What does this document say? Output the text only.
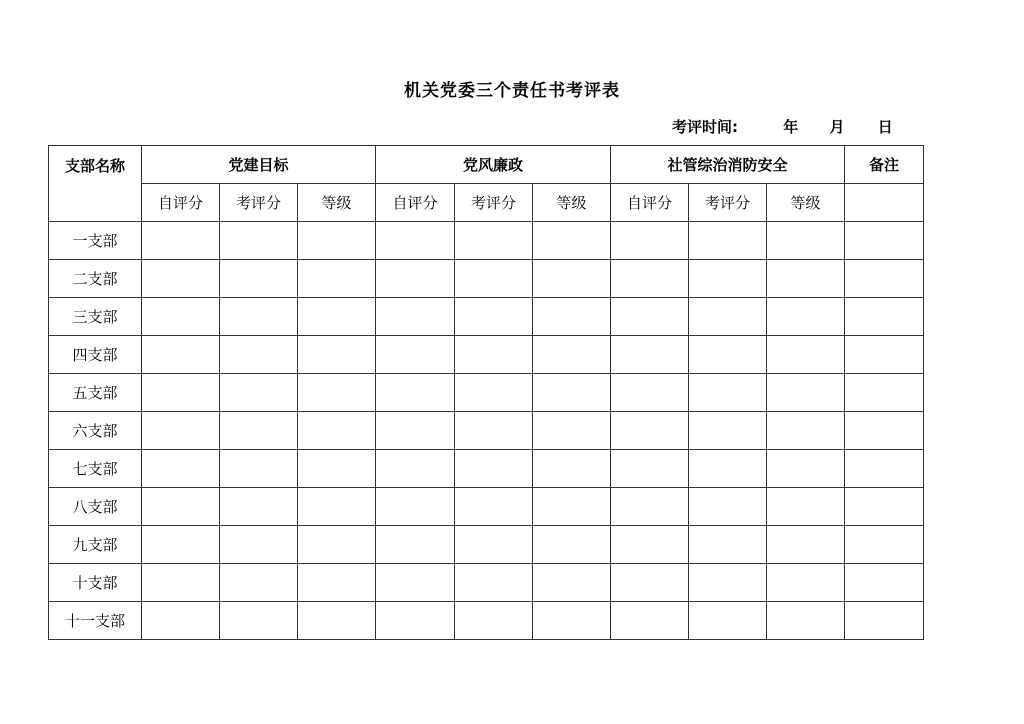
机关党委三个责任书考评表
考评时间:	年 月 日
支部名称	党建目标			党风廉政			社管综治消防安全			备注
	自评分	考评分	等级	自评分	考评分	等级	自评分	考评分	等级	
一支部										
二支部										
三支部										
四支部										
五支部										
六支部										
七支部										
八支部										
九支部										
十支部										
十一支部										
